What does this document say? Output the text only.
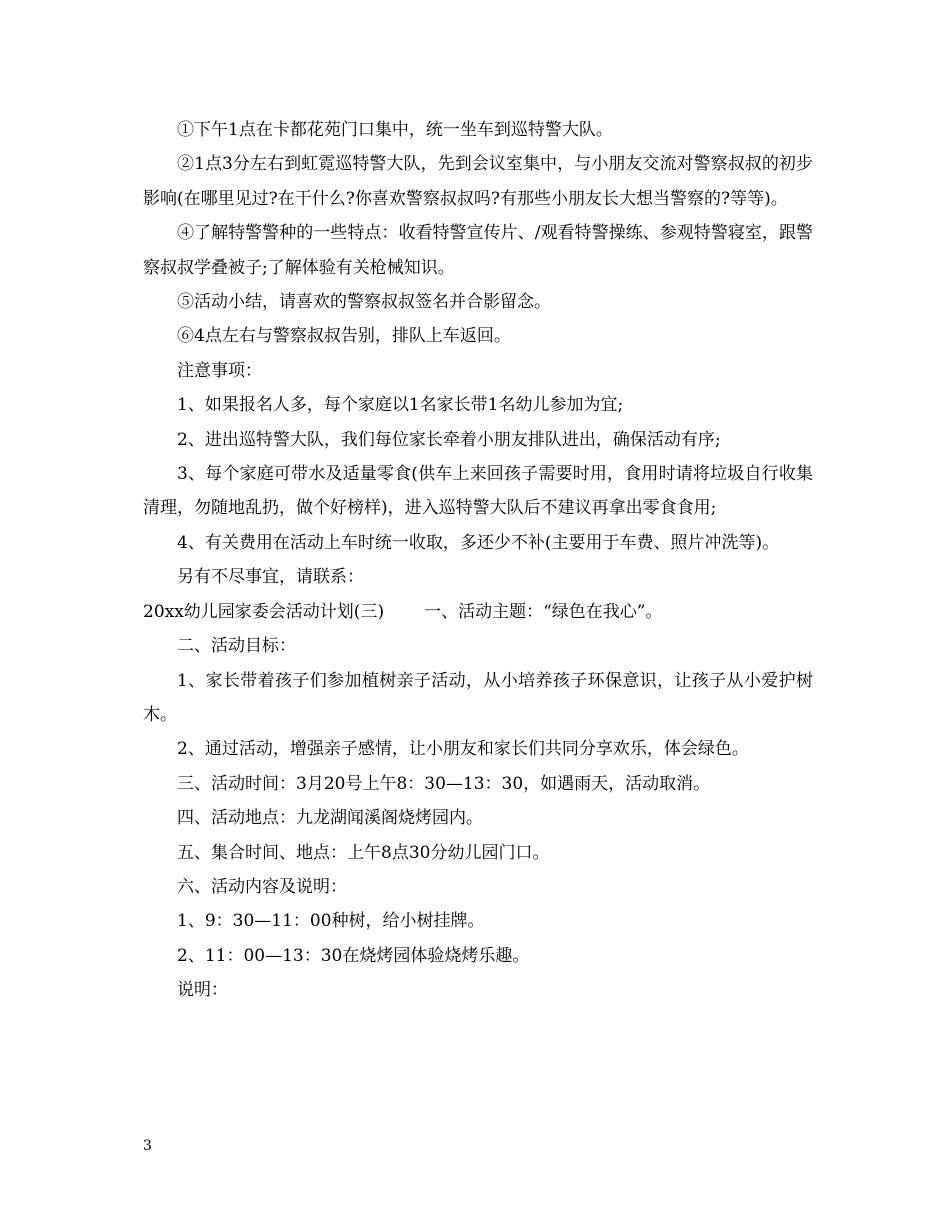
①下午1点在卡都花苑门口集中，统一坐车到巡特警大队。

②1点3分左右到虹霓巡特警大队，先到会议室集中，与小朋友交流对警察叔叔的初步影响(在哪里见过?在干什么?你喜欢警察叔叔吗?有那些小朋友长大想当警察的?等等)。

④了解特警警种的一些特点：收看特警宣传片、/观看特警操练、参观特警寝室，跟警察叔叔学叠被子;了解体验有关枪械知识。

⑤活动小结，请喜欢的警察叔叔签名并合影留念。

⑥4点左右与警察叔叔告别，排队上车返回。

注意事项：

1、如果报名人多，每个家庭以1名家长带1名幼儿参加为宜;

2、进出巡特警大队，我们每位家长牵着小朋友排队进出，确保活动有序;

3、每个家庭可带水及适量零食(供车上来回孩子需要时用，食用时请将垃圾自行收集清理，勿随地乱扔，做个好榜样)，进入巡特警大队后不建议再拿出零食食用;

4、有关费用在活动上车时统一收取，多还少不补(主要用于车费、照片冲洗等)。

另有不尽事宜，请联系：

20xx幼儿园家委会活动计划(三) 一、活动主题：“绿色在我心”。

二、活动目标：

1、家长带着孩子们参加植树亲子活动，从小培养孩子环保意识，让孩子从小爱护树木。

2、通过活动，增强亲子感情，让小朋友和家长们共同分享欢乐，体会绿色。

三、活动时间：3月20号上午8：30—13：30，如遇雨天，活动取消。

四、活动地点：九龙湖闻溪阁烧烤园内。

五、集合时间、地点：上午8点30分幼儿园门口。

六、活动内容及说明：

1、9：30—11：00种树，给小树挂牌。

2、11：00—13：30在烧烤园体验烧烤乐趣。

说明：

3
